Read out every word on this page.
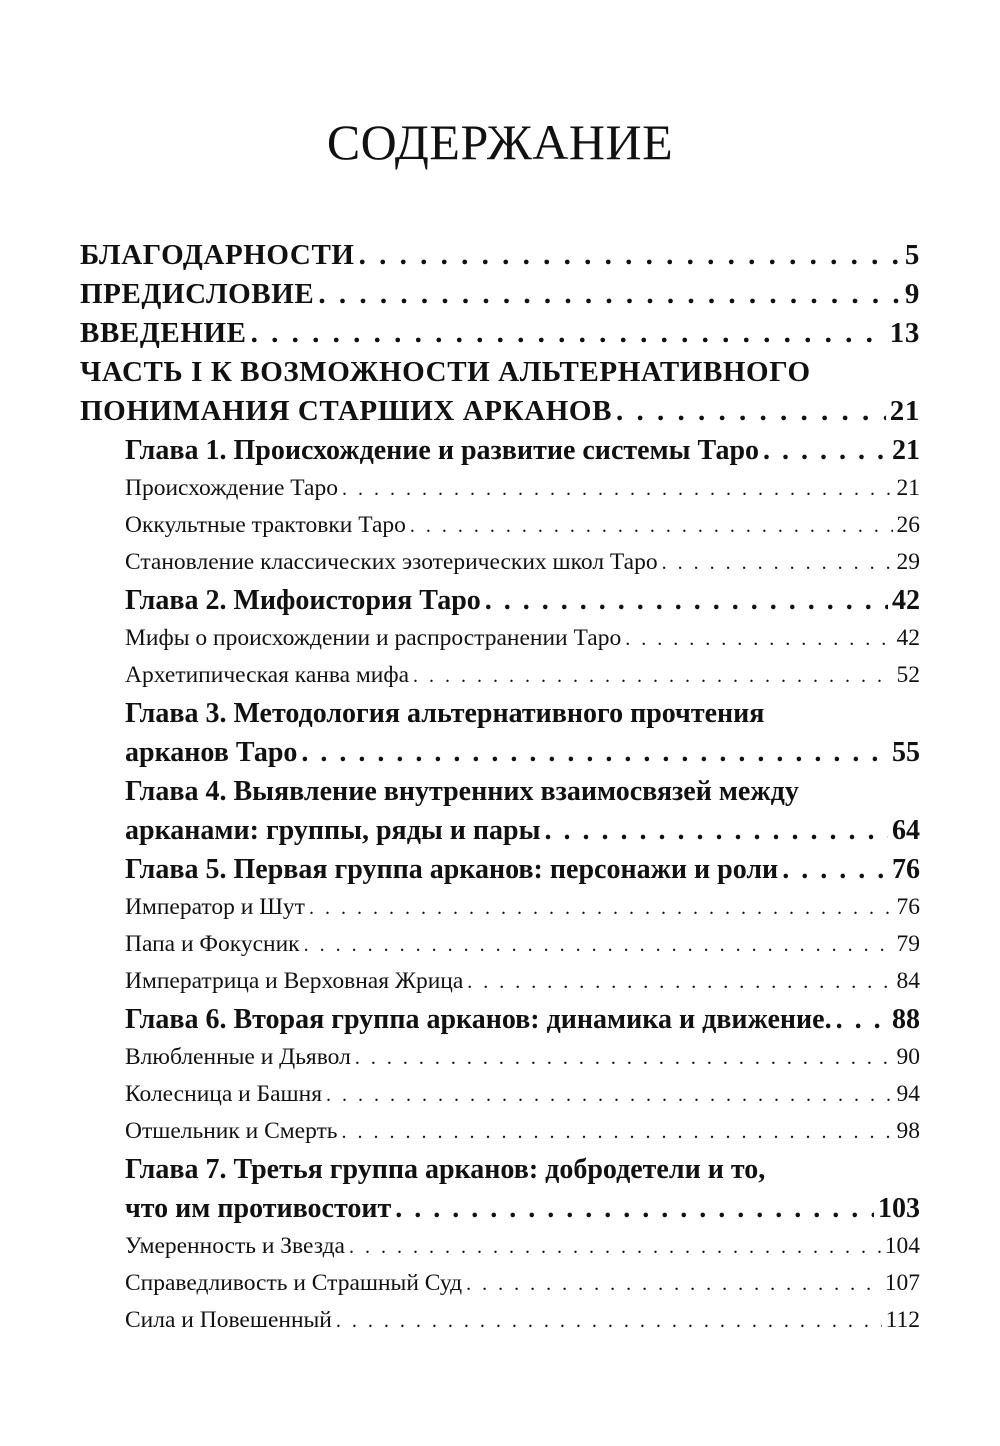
СОДЕРЖАНИЕ
БЛАГОДАРНОСТИ . . .	5
ПРЕДИСЛОВИЕ . . .	9
ВВЕДЕНИЕ . . .	13
ЧАСТЬ I К ВОЗМОЖНОСТИ АЛЬТЕРНАТИВНОГО
ПОНИМАНИЯ СТАРШИХ АРКАНОВ . . .	21
Глава 1. Происхождение и развитие системы Таро . . .	21
Происхождение Таро . . .	21
Оккультные трактовки Таро . . .	26
Становление классических эзотерических школ Таро . . .	29
Глава 2. Мифоистория Таро . . .	42
Мифы о происхождении и распространении Таро . . .	42
Архетипическая канва мифа . . .	52
Глава 3. Методология альтернативного прочтения
арканов Таро . . .	55
Глава 4. Выявление внутренних взаимосвязей между
арканами: группы, ряды и пары . . .	64
Глава 5. Первая группа арканов: персонажи и роли . . .	76
Император и Шут . . .	76
Папа и Фокусник . . .	79
Императрица и Верховная Жрица . . .	84
Глава 6. Вторая группа арканов: динамика и движение. . . . 88
Влюбленные и Дьявол . . .	90
Колесница и Башня . . .	94
Отшельник и Смерть . . .	98
Глава 7. Третья группа арканов: добродетели и то,
что им противостоит . . .	103
Умеренность и Звезда . . .	104
Справедливость и Страшный Суд . . .	107
Сила и Повешенный . . .	112
